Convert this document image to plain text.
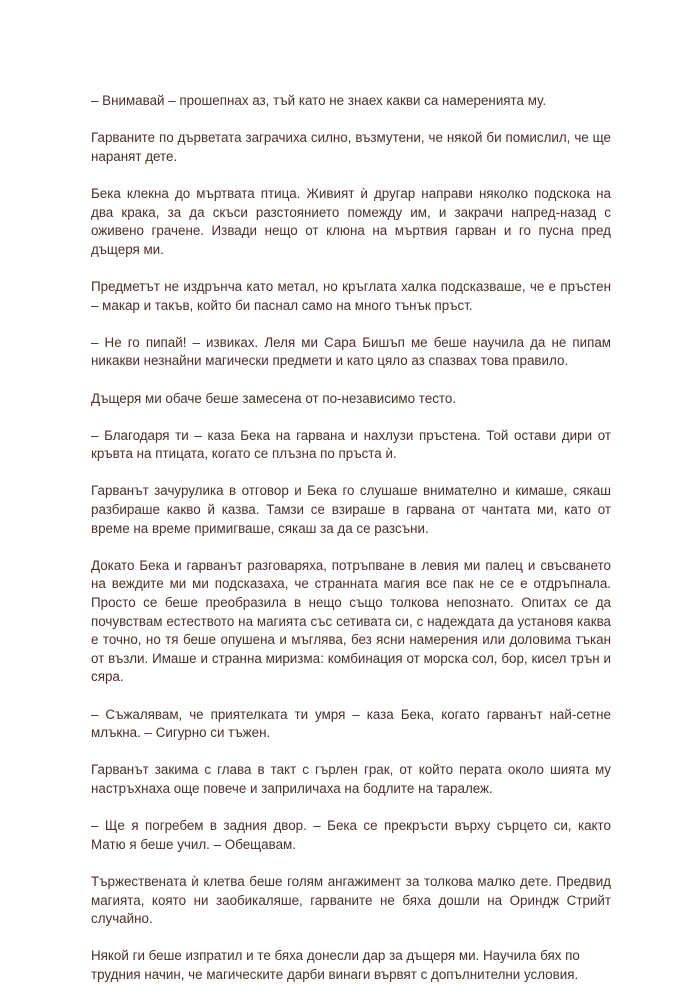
– Внимавай – прошепнах аз, тъй като не знаех какви са намеренията му.

Гарваните по дърветата заграчиха силно, възмутени, че някой би помислил, че ще наранят дете.

Бека клекна до мъртвата птица. Живият ѝ другар направи няколко подскока на два крака, за да скъси разстоянието помежду им, и закрачи напред-назад с оживено грачене. Извади нещо от клюна на мъртвия гарван и го пусна пред дъщеря ми.

Предметът не издрънча като метал, но кръглата халка подсказваше, че е пръстен – макар и такъв, който би паснал само на много тънък пръст.

– Не го пипай! – извиках. Леля ми Сара Бишъп ме беше научила да не пипам никакви незнайни магически предмети и като цяло аз спазвах това правило.

Дъщеря ми обаче беше замесена от по-независимо тесто.

– Благодаря ти – каза Бека на гарвана и нахлузи пръстена. Той остави дири от кръвта на птицата, когато се плъзна по пръста ѝ.

Гарванът зачурулика в отговор и Бека го слушаше внимателно и кимаше, сякаш разбираше какво й казва. Тамзи се взираше в гарвана от чантата ми, като от време на време примигваше, сякаш за да се разсъни.

Докато Бека и гарванът разговаряха, потръпване в левия ми палец и свъсването на веждите ми ми подсказаха, че странната магия все пак не се е отдръпнала. Просто се беше преобразила в нещо също толкова непознато. Опитах се да почувствам естеството на магията със сетивата си, с надеждата да установя каква е точно, но тя беше опушена и мъглява, без ясни намерения или доловима тъкан от възли. Имаше и странна миризма: комбинация от морска сол, бор, кисел трън и сяра.

– Съжалявам, че приятелката ти умря – каза Бека, когато гарванът най-сетне млъкна. – Сигурно си тъжен.

Гарванът закима с глава в такт с гърлен грак, от който перата около шията му настръхнаха още повече и заприличаха на бодлите на таралеж.

– Ще я погребем в задния двор. – Бека се прекръсти върху сърцето си, както Матю я беше учил. – Обещавам.

Тържествената ѝ клетва беше голям ангажимент за толкова малко дете. Предвид магията, която ни заобикаляше, гарваните не бяха дошли на Ориндж Стрийт случайно.

Някой ги беше изпратил и те бяха донесли дар за дъщеря ми. Научила бях по трудния начин, че магическите дарби винаги вървят с допълнителни условия.
